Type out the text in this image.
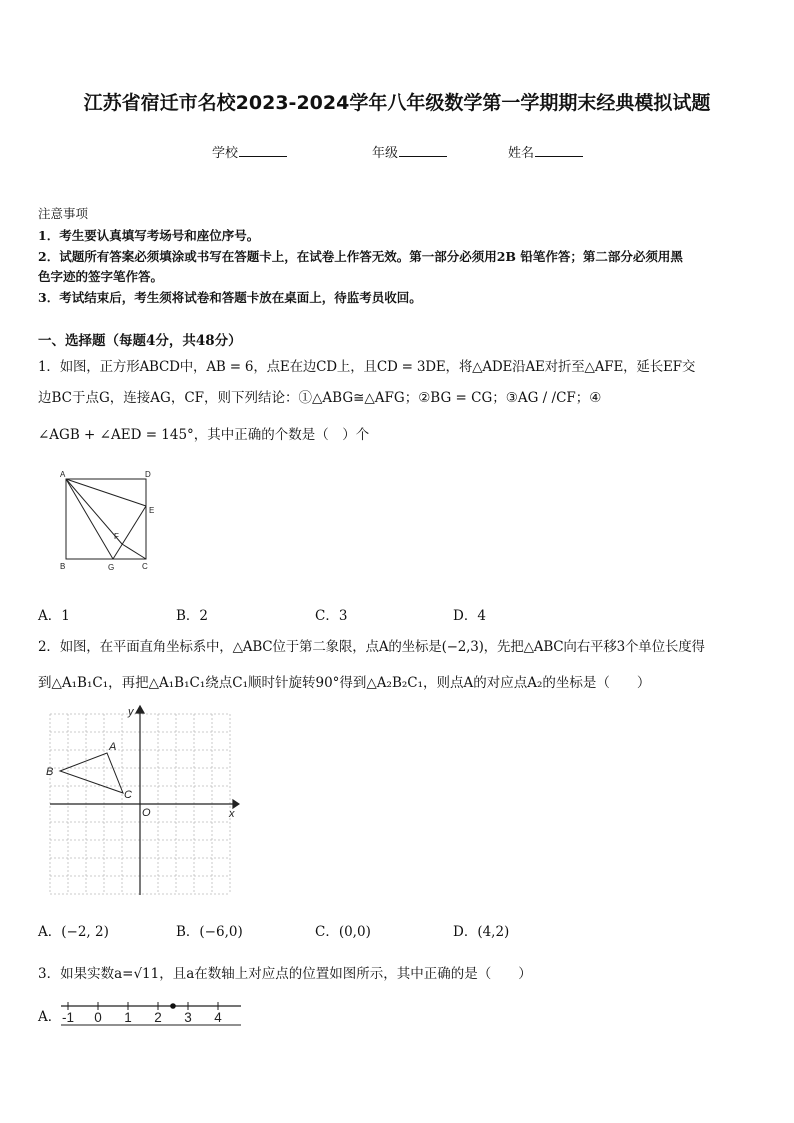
江苏省宿迁市名校2023-2024学年八年级数学第一学期期末经典模拟试题
学校	年级	姓名
注意事项
1．考生要认真填写考场号和座位序号。
2．试题所有答案必须填涂或书写在答题卡上，在试卷上作答无效。第一部分必须用2B 铅笔作答；第二部分必须用黑
色字迹的签字笔作答。
3．考试结束后，考生须将试卷和答题卡放在桌面上，待监考员收回。
一、选择题（每题4分，共48分）
1．如图，正方形ABCD中，AB = 6，点E在边CD上，且CD = 3DE，将△ADE沿AE对折至△AFE，延长EF交
边BC于点G，连接AG，CF，则下列结论：①△ABG≅△AFG；②BG = CG；③AG / /CF；④
∠AGB + ∠AED = 145°，其中正确的个数是（　）个
A	D
E
F
B	G	C
A．1	B．2	C．3	D．4
2．如图，在平面直角坐标系中，△ABC位于第二象限，点A的坐标是(−2,3)，先把△ABC向右平移3个单位长度得
到△A₁B₁C₁，再把△A₁B₁C₁绕点C₁顺时针旋转90°得到△A₂B₂C₁，则点A的对应点A₂的坐标是（　　）
y
x
O
A
B
C
A．(−2, 2)	B．(−6,0)	C．(0,0)	D．(4,2)
3．如果实数a=√11，且a在数轴上对应点的位置如图所示，其中正确的是（　　）
A． -1 0 1 2 3 4
